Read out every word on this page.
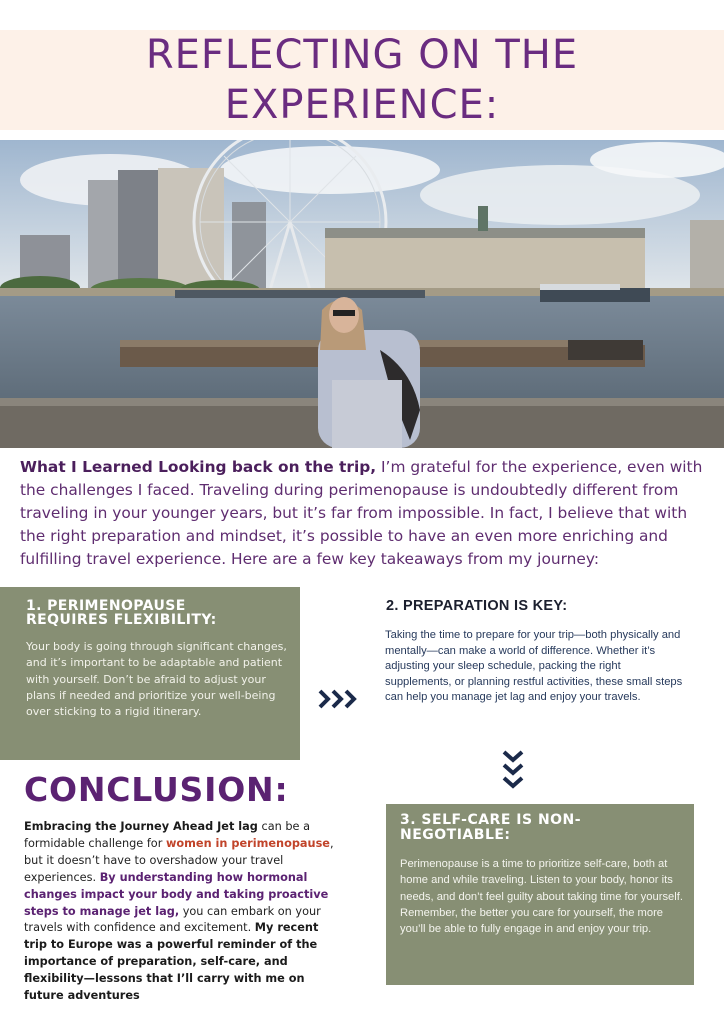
REFLECTING ON THE
EXPERIENCE:

What I Learned Looking back on the trip, I’m grateful for the experience, even with the challenges I faced. Traveling during perimenopause is undoubtedly different from traveling in your younger years, but it’s far from impossible. In fact, I believe that with the right preparation and mindset, it’s possible to have an even more enriching and fulfilling travel experience. Here are a few key takeaways from my journey:

1. PERIMENOPAUSE
REQUIRES FLEXIBILITY:

Your body is going through significant changes, and it’s important to be adaptable and patient with yourself. Don’t be afraid to adjust your plans if needed and prioritize your well-being over sticking to a rigid itinerary.

2. PREPARATION IS KEY:

Taking the time to prepare for your trip—both physically and mentally—can make a world of difference. Whether it’s adjusting your sleep schedule, packing the right supplements, or planning restful activities, these small steps can help you manage jet lag and enjoy your travels.

CONCLUSION:

Embracing the Journey Ahead Jet lag can be a formidable challenge for women in perimenopause, but it doesn’t have to overshadow your travel experiences. By understanding how hormonal changes impact your body and taking proactive steps to manage jet lag, you can embark on your travels with confidence and excitement. My recent trip to Europe was a powerful reminder of the importance of preparation, self-care, and flexibility—lessons that I’ll carry with me on future adventures

3. SELF-CARE IS NON-
NEGOTIABLE:

Perimenopause is a time to prioritize self-care, both at home and while traveling. Listen to your body, honor its needs, and don’t feel guilty about taking time for yourself.
Remember, the better you care for yourself, the more you’ll be able to fully engage in and enjoy your trip.
